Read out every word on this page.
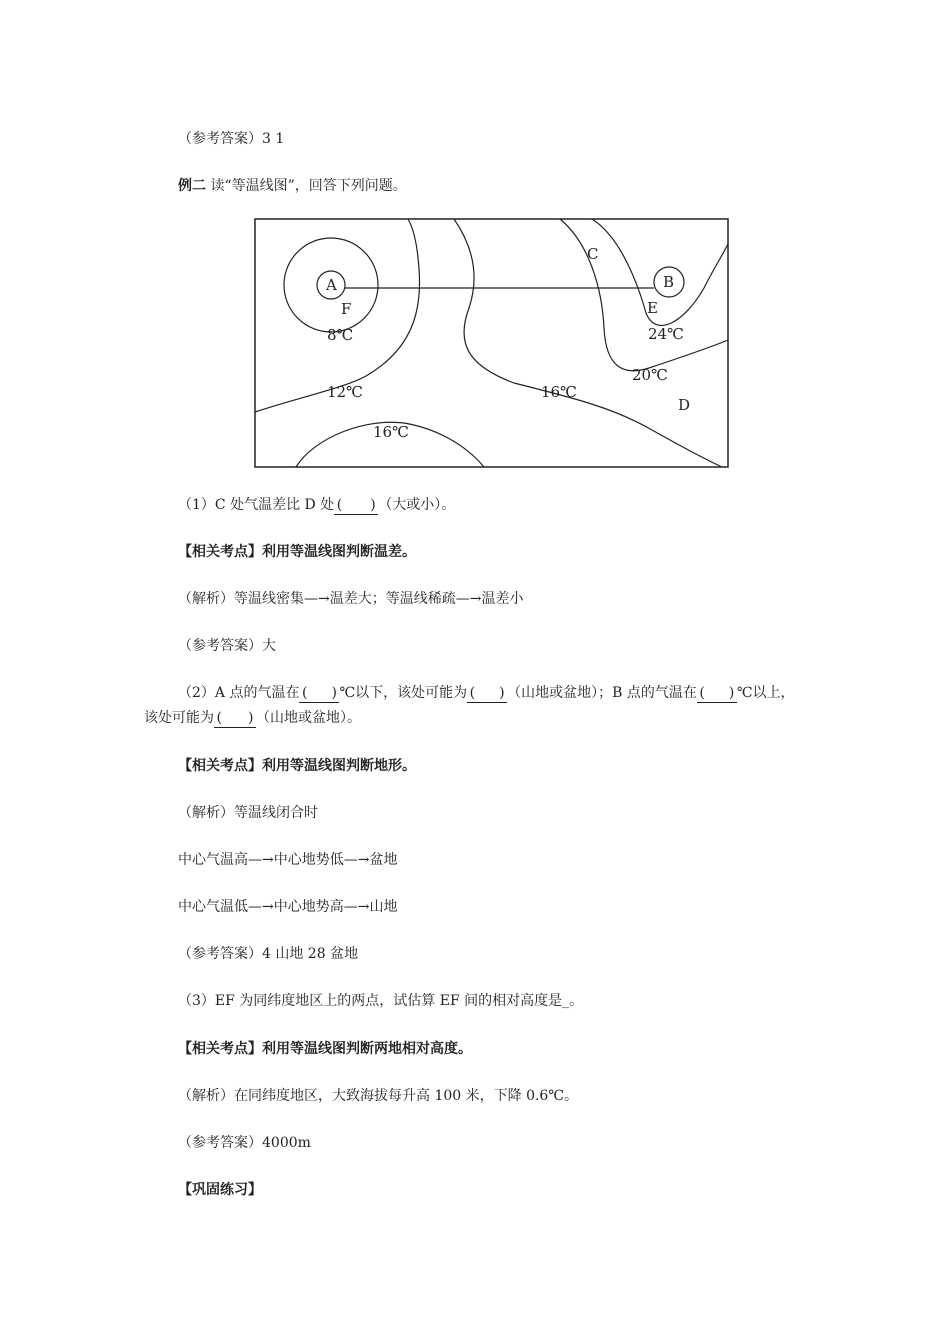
（参考答案）3 1
例二 读“等温线图”，回答下列问题。
A	B
C
D
E
F
8℃
12℃	16℃
16℃
20℃
24℃
（1）C 处气温差比 D 处 ( ) （大或小）。
【相关考点】利用等温线图判断温差。
（解析）等温线密集—→温差大；等温线稀疏—→温差小
（参考答案）大
（2）A 点的气温在 ( ) ℃以下，该处可能为 ( ) （山地或盆地）；B 点的气温在 ( ) ℃以上，
该处可能为 ( ) （山地或盆地）。
【相关考点】利用等温线图判断地形。
（解析）等温线闭合时
中心气温高—→中心地势低—→盆地
中心气温低—→中心地势高—→山地
（参考答案）4 山地 28 盆地
（3）EF 为同纬度地区上的两点，试估算 EF 间的相对高度是_。
【相关考点】利用等温线图判断两地相对高度。
（解析）在同纬度地区，大致海拔每升高 100 米，下降 0.6℃。
（参考答案）4000m
【巩固练习】
